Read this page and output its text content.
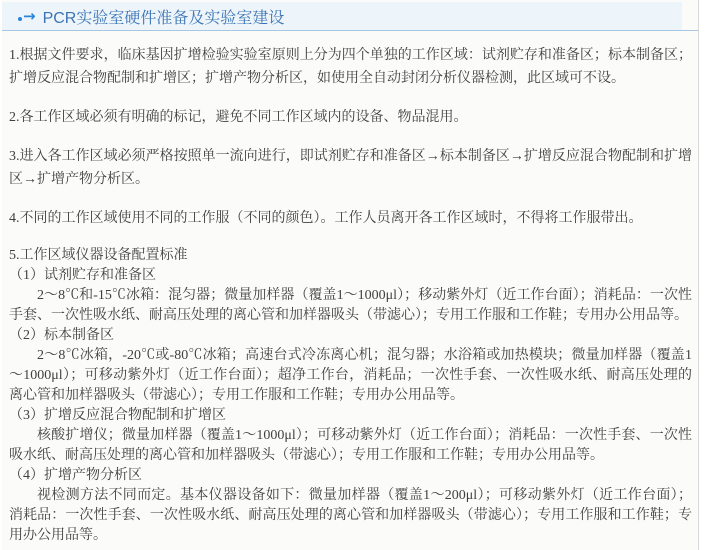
→ PCR实验室硬件准备及实验室建设

1.根据文件要求，临床基因扩增检验实验室原则上分为四个单独的工作区域：试剂贮存和准备区；标本制备区；扩增反应混合物配制和扩增区；扩增产物分析区，如使用全自动封闭分析仪器检测，此区域可不设。

2.各工作区域必须有明确的标记，避免不同工作区域内的设备、物品混用。

3.进入各工作区域必须严格按照单一流向进行，即试剂贮存和准备区→标本制备区→扩增反应混合物配制和扩增区→扩增产物分析区。

4.不同的工作区域使用不同的工作服（不同的颜色）。工作人员离开各工作区域时，不得将工作服带出。

5.工作区域仪器设备配置标准

（1）试剂贮存和准备区

2～8℃和-15℃冰箱：混匀器；微量加样器（覆盖1～1000μl）；移动紫外灯（近工作台面）；消耗品：一次性手套、一次性吸水纸、耐高压处理的离心管和加样器吸头（带滤心）；专用工作服和工作鞋；专用办公用品等。

（2）标本制备区

2～8℃冰箱，-20℃或-80℃冰箱；高速台式冷冻离心机；混匀器；水浴箱或加热模块；微量加样器（覆盖1～1000μl）；可移动紫外灯（近工作台面）；超净工作台，消耗品；一次性手套、一次性吸水纸、耐高压处理的离心管和加样器吸头（带滤心）；专用工作服和工作鞋；专用办公用品等。

（3）扩增反应混合物配制和扩增区

核酸扩增仪；微量加样器（覆盖1～1000μl）；可移动紫外灯（近工作台面）；消耗品：一次性手套、一次性吸水纸、耐高压处理的离心管和加样器吸头（带滤心）；专用工作服和工作鞋；专用办公用品等。

（4）扩增产物分析区

视检测方法不同而定。基本仪器设备如下：微量加样器（覆盖1～200μl）；可移动紫外灯（近工作台面）；消耗品：一次性手套、一次性吸水纸、耐高压处理的离心管和加样器吸头（带滤心）；专用工作服和工作鞋；专用办公用品等。
